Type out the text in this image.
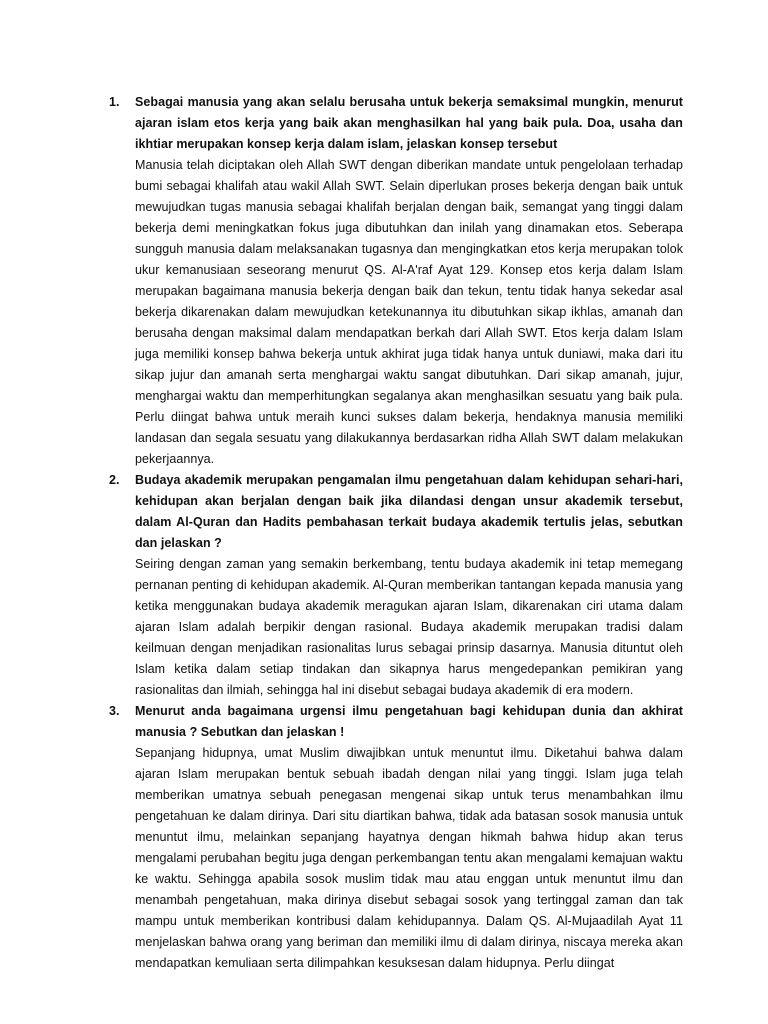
1. Sebagai manusia yang akan selalu berusaha untuk bekerja semaksimal mungkin, menurut ajaran islam etos kerja yang baik akan menghasilkan hal yang baik pula. Doa, usaha dan ikhtiar merupakan konsep kerja dalam islam, jelaskan konsep tersebut

Manusia telah diciptakan oleh Allah SWT dengan diberikan mandate untuk pengelolaan terhadap bumi sebagai khalifah atau wakil Allah SWT. Selain diperlukan proses bekerja dengan baik untuk mewujudkan tugas manusia sebagai khalifah berjalan dengan baik, semangat yang tinggi dalam bekerja demi meningkatkan fokus juga dibutuhkan dan inilah yang dinamakan etos. Seberapa sungguh manusia dalam melaksanakan tugasnya dan mengingkatkan etos kerja merupakan tolok ukur kemanusiaan seseorang menurut QS. Al-A'raf Ayat 129. Konsep etos kerja dalam Islam merupakan bagaimana manusia bekerja dengan baik dan tekun, tentu tidak hanya sekedar asal bekerja dikarenakan dalam mewujudkan ketekunannya itu dibutuhkan sikap ikhlas, amanah dan berusaha dengan maksimal dalam mendapatkan berkah dari Allah SWT. Etos kerja dalam Islam juga memiliki konsep bahwa bekerja untuk akhirat juga tidak hanya untuk duniawi, maka dari itu sikap jujur dan amanah serta menghargai waktu sangat dibutuhkan. Dari sikap amanah, jujur, menghargai waktu dan memperhitungkan segalanya akan menghasilkan sesuatu yang baik pula. Perlu diingat bahwa untuk meraih kunci sukses dalam bekerja, hendaknya manusia memiliki landasan dan segala sesuatu yang dilakukannya berdasarkan ridha Allah SWT dalam melakukan pekerjaannya.

2. Budaya akademik merupakan pengamalan ilmu pengetahuan dalam kehidupan sehari-hari, kehidupan akan berjalan dengan baik jika dilandasi dengan unsur akademik tersebut, dalam Al-Quran dan Hadits pembahasan terkait budaya akademik tertulis jelas, sebutkan dan jelaskan ?

Seiring dengan zaman yang semakin berkembang, tentu budaya akademik ini tetap memegang pernanan penting di kehidupan akademik. Al-Quran memberikan tantangan kepada manusia yang ketika menggunakan budaya akademik meragukan ajaran Islam, dikarenakan ciri utama dalam ajaran Islam adalah berpikir dengan rasional. Budaya akademik merupakan tradisi dalam keilmuan dengan menjadikan rasionalitas lurus sebagai prinsip dasarnya. Manusia dituntut oleh Islam ketika dalam setiap tindakan dan sikapnya harus mengedepankan pemikiran yang rasionalitas dan ilmiah, sehingga hal ini disebut sebagai budaya akademik di era modern.

3. Menurut anda bagaimana urgensi ilmu pengetahuan bagi kehidupan dunia dan akhirat manusia ? Sebutkan dan jelaskan !

Sepanjang hidupnya, umat Muslim diwajibkan untuk menuntut ilmu. Diketahui bahwa dalam ajaran Islam merupakan bentuk sebuah ibadah dengan nilai yang tinggi. Islam juga telah memberikan umatnya sebuah penegasan mengenai sikap untuk terus menambahkan ilmu pengetahuan ke dalam dirinya. Dari situ diartikan bahwa, tidak ada batasan sosok manusia untuk menuntut ilmu, melainkan sepanjang hayatnya dengan hikmah bahwa hidup akan terus mengalami perubahan begitu juga dengan perkembangan tentu akan mengalami kemajuan waktu ke waktu. Sehingga apabila sosok muslim tidak mau atau enggan untuk menuntut ilmu dan menambah pengetahuan, maka dirinya disebut sebagai sosok yang tertinggal zaman dan tak mampu untuk memberikan kontribusi dalam kehidupannya. Dalam QS. Al-Mujaadilah Ayat 11 menjelaskan bahwa orang yang beriman dan memiliki ilmu di dalam dirinya, niscaya mereka akan mendapatkan kemuliaan serta dilimpahkan kesuksesan dalam hidupnya. Perlu diingat
